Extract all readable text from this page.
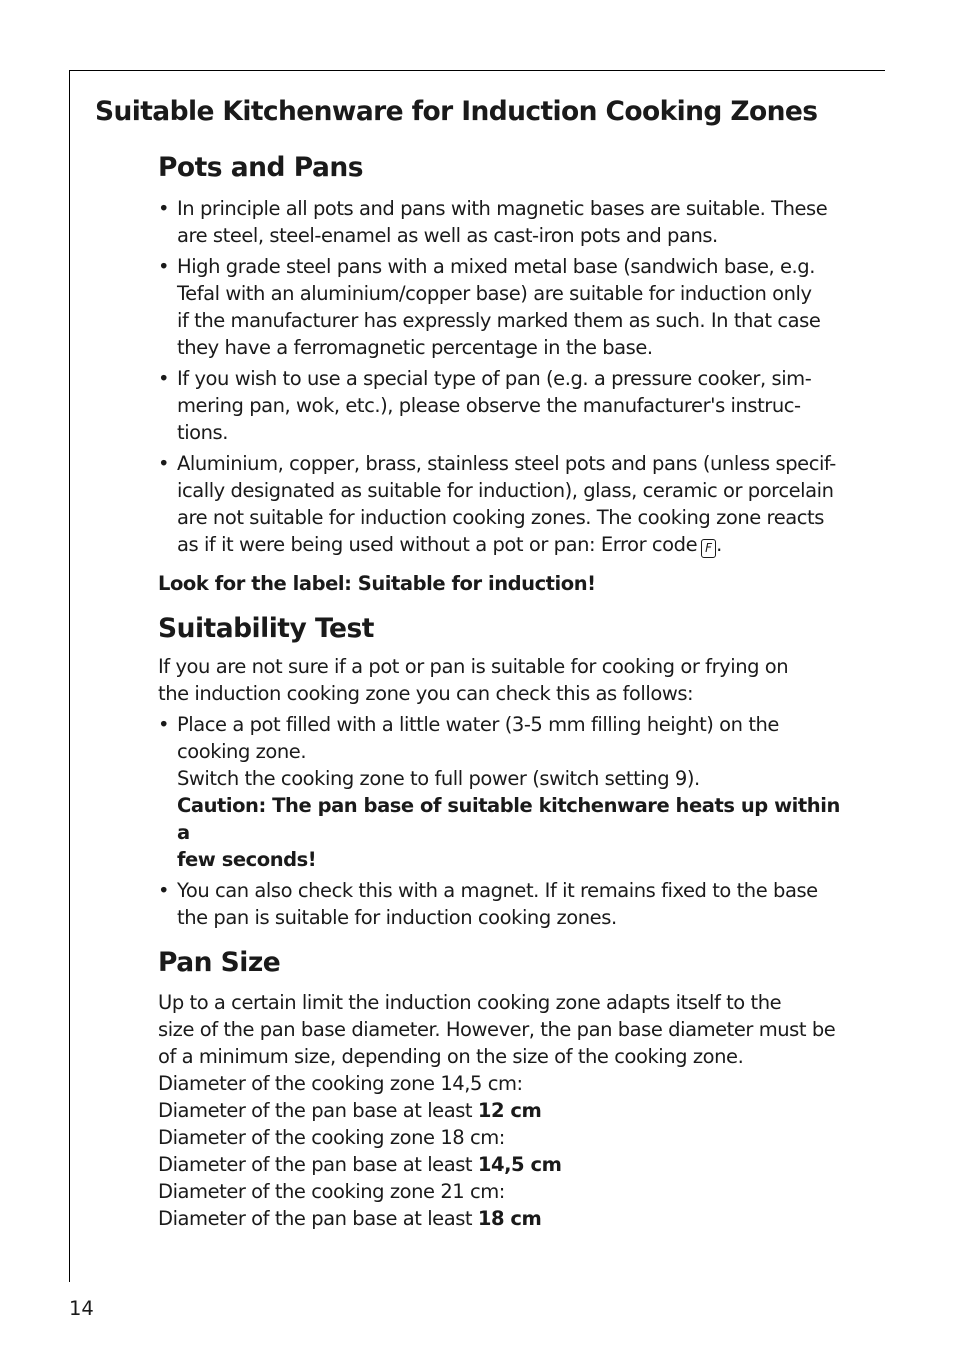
Suitable Kitchenware for Induction Cooking Zones
Pots and Pans
• In principle all pots and pans with magnetic bases are suitable. These
are steel, steel-enamel as well as cast-iron pots and pans.
• High grade steel pans with a mixed metal base (sandwich base, e.g.
Tefal with an aluminium/copper base) are suitable for induction only
if the manufacturer has expressly marked them as such. In that case
they have a ferromagnetic percentage in the base.
• If you wish to use a special type of pan (e.g. a pressure cooker, sim-
mering pan, wok, etc.), please observe the manufacturer's instruc-
tions.
• Aluminium, copper, brass, stainless steel pots and pans (unless specif-
ically designated as suitable for induction), glass, ceramic or porcelain
are not suitable for induction cooking zones. The cooking zone reacts
as if it were being used without a pot or pan: Error code F .
Look for the label: Suitable for induction!
Suitability Test
If you are not sure if a pot or pan is suitable for cooking or frying on
the induction cooking zone you can check this as follows:
• Place a pot filled with a little water (3-5 mm filling height) on the
cooking zone.
Switch the cooking zone to full power (switch setting 9).
Caution: The pan base of suitable kitchenware heats up within a
few seconds!
• You can also check this with a magnet. If it remains fixed to the base
the pan is suitable for induction cooking zones.
Pan Size
Up to a certain limit the induction cooking zone adapts itself to the
size of the pan base diameter. However, the pan base diameter must be
of a minimum size, depending on the size of the cooking zone.
Diameter of the cooking zone 14,5 cm:
Diameter of the pan base at least 12 cm
Diameter of the cooking zone 18 cm:
Diameter of the pan base at least 14,5 cm
Diameter of the cooking zone 21 cm:
Diameter of the pan base at least 18 cm
14
